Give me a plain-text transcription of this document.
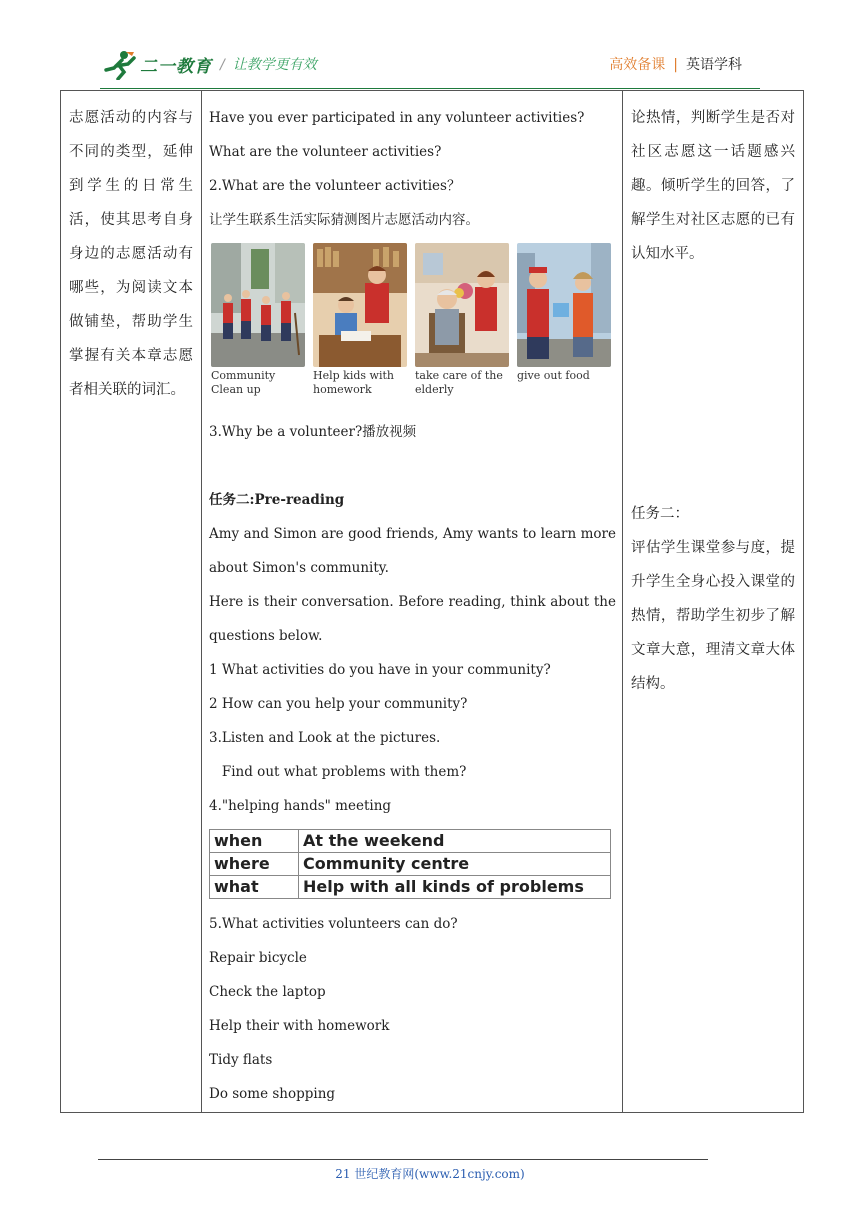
二一教育 / 让教学更有效	高效备课 | 英语学科
志愿活动的内容与不同的类型，延伸到学生的日常生活，使其思考自身身边的志愿活动有哪些，为阅读文本做铺垫，帮助学生掌握有关本章志愿者相关联的词汇。

Have you ever participated in any volunteer activities?
What are the volunteer activities?
2.What are the volunteer activities？
让学生联系生活实际猜测图片志愿活动内容。
Community Clean up
Help kids with homework
take care of the elderly
give out food
3.Why be a volunteer?播放视频
任务二:Pre-reading
Amy and Simon are good friends, Amy wants to learn more about Simon's community.
Here is their conversation. Before reading, think about the questions below.
1 What activities do you have in your community?
2 How can you help your community?
3.Listen and Look at the pictures.
Find out what problems with them?
4."helping hands" meeting
when	At the weekend
where	Community centre
what	Help with all kinds of problems
5.What activities volunteers can do?
Repair bicycle
Check the laptop
Help their with homework
Tidy flats
Do some shopping

论热情，判断学生是否对社区志愿这一话题感兴趣。倾听学生的回答，了解学生对社区志愿的已有认知水平。
任务二：
评估学生课堂参与度，提升学生全身心投入课堂的热情，帮助学生初步了解文章大意，理清文章大体结构。
21 世纪教育网(www.21cnjy.com)
